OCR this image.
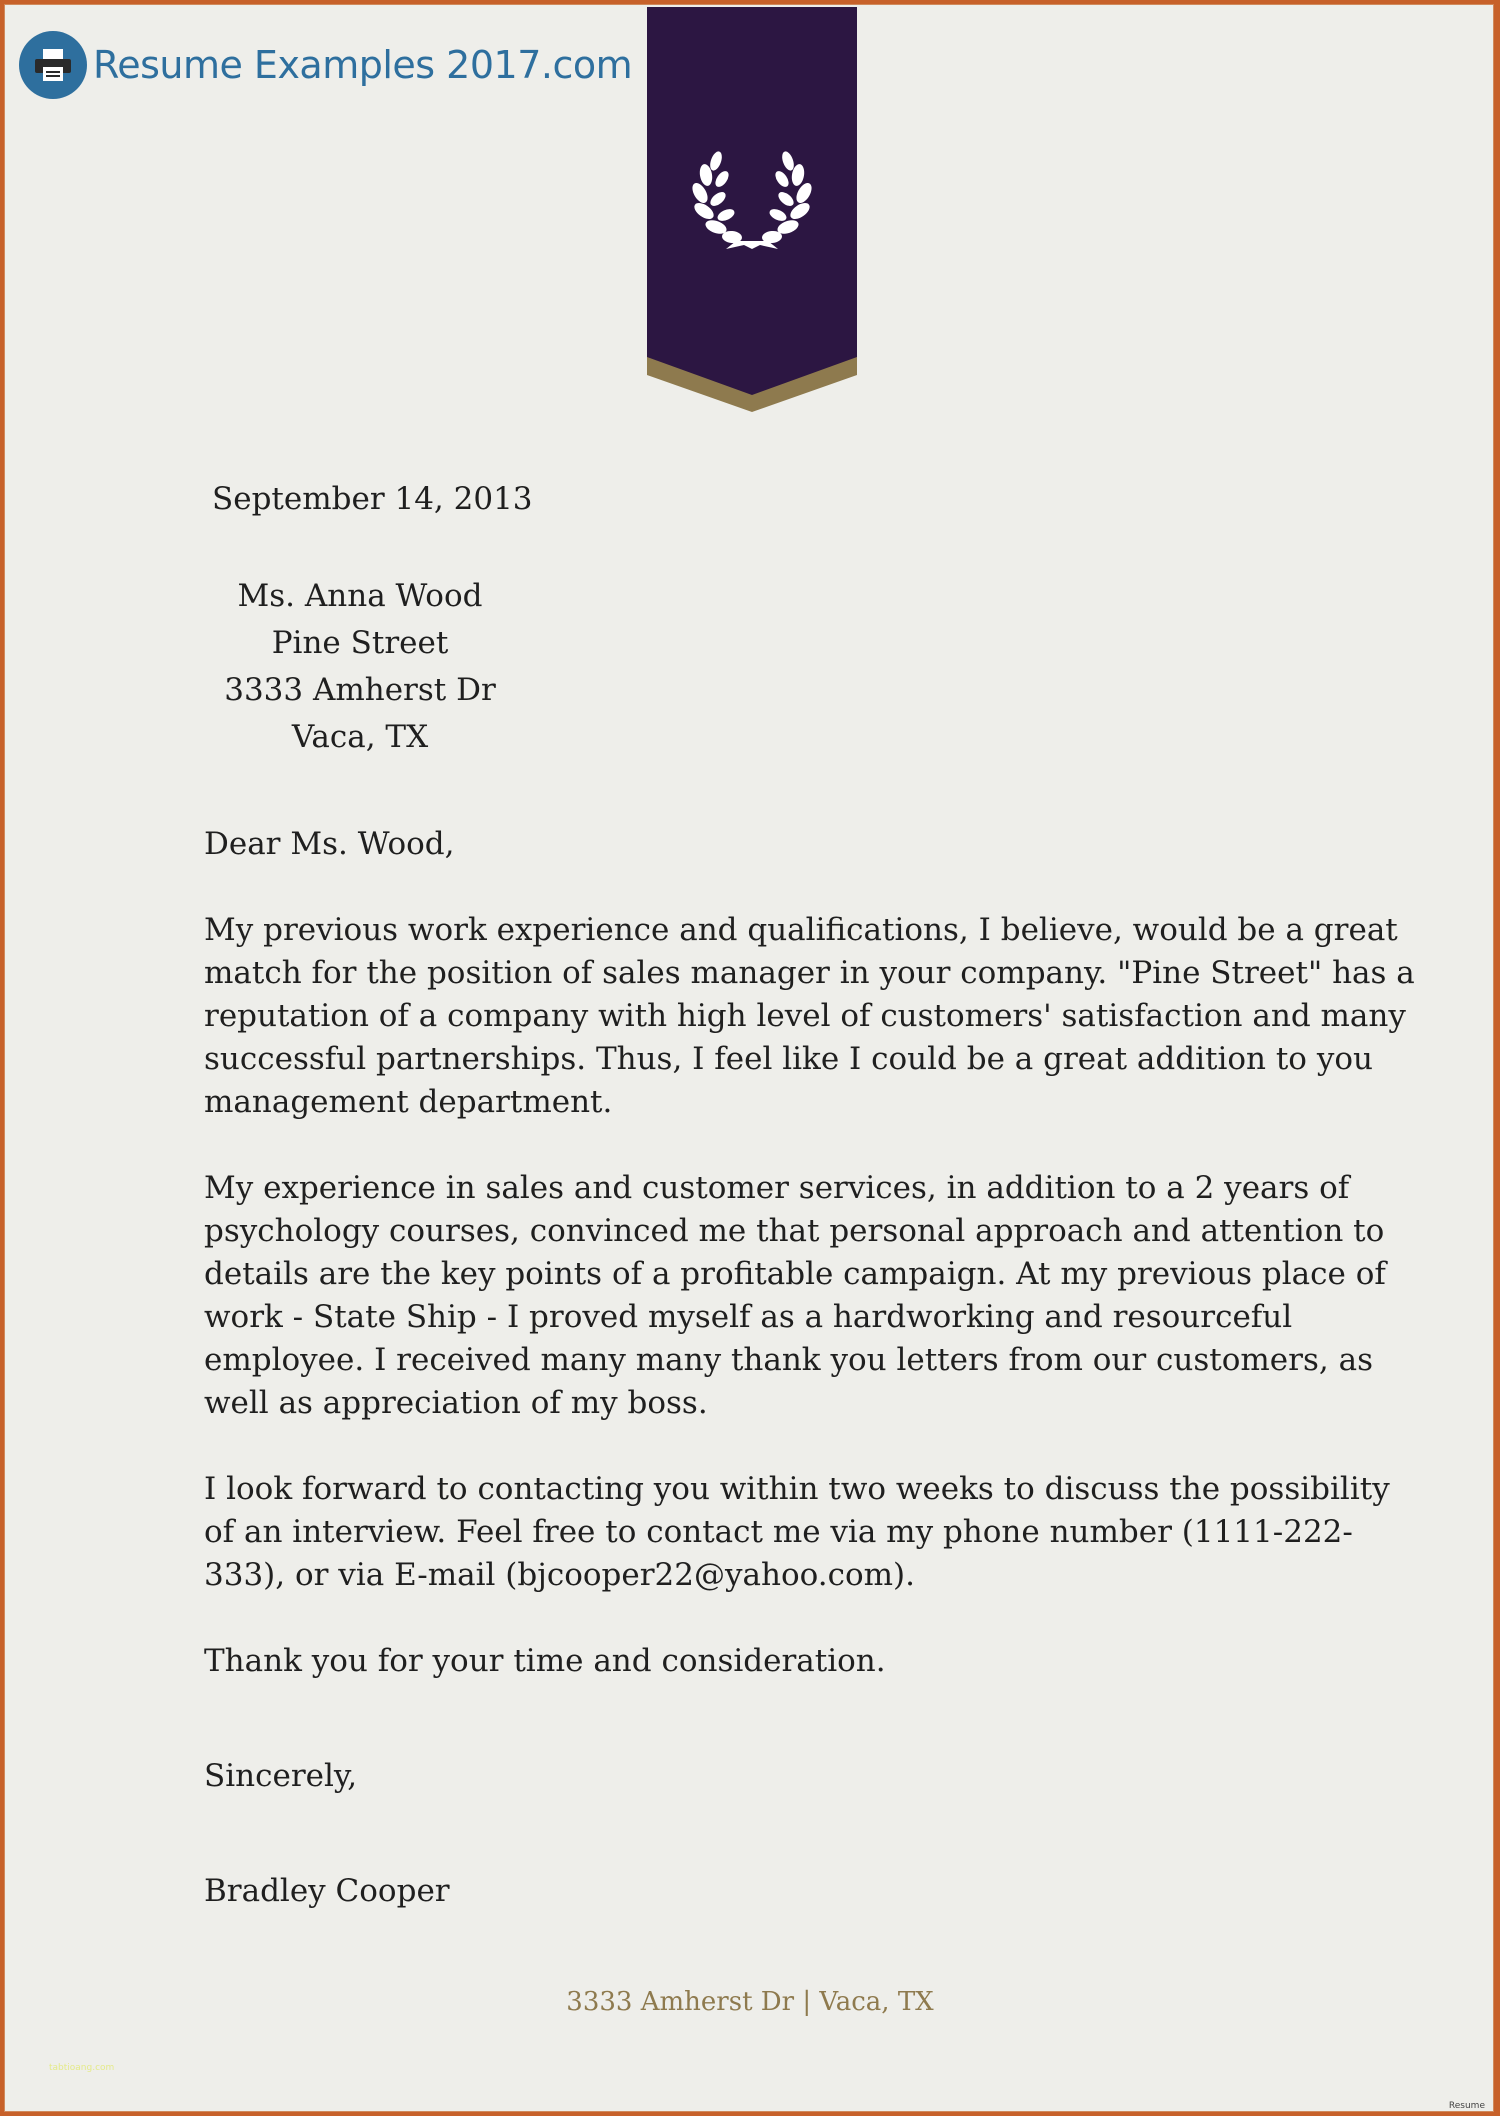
Resume Examples 2017.com
September 14, 2013
Ms. Anna Wood
Pine Street
3333 Amherst Dr
Vaca, TX

Dear Ms. Wood,

My previous work experience and qualifications, I believe, would be a great match for the position of sales manager in your company. "Pine Street" has a reputation of a company with high level of customers' satisfaction and many successful partnerships. Thus, I feel like I could be a great addition to you management department.

My experience in sales and customer services, in addition to a 2 years of psychology courses, convinced me that personal approach and attention to details are the key points of a profitable campaign. At my previous place of work - State Ship - I proved myself as a hardworking and resourceful employee. I received many many thank you letters from our customers, as well as appreciation of my boss.

I look forward to contacting you within two weeks to discuss the possibility of an interview. Feel free to contact me via my phone number (1111-222-333), or via E-mail (bjcooper22@yahoo.com).

Thank you for your time and consideration.

Sincerely,

Bradley Cooper

3333 Amherst Dr | Vaca, TX
tabtioang.com
Resume
